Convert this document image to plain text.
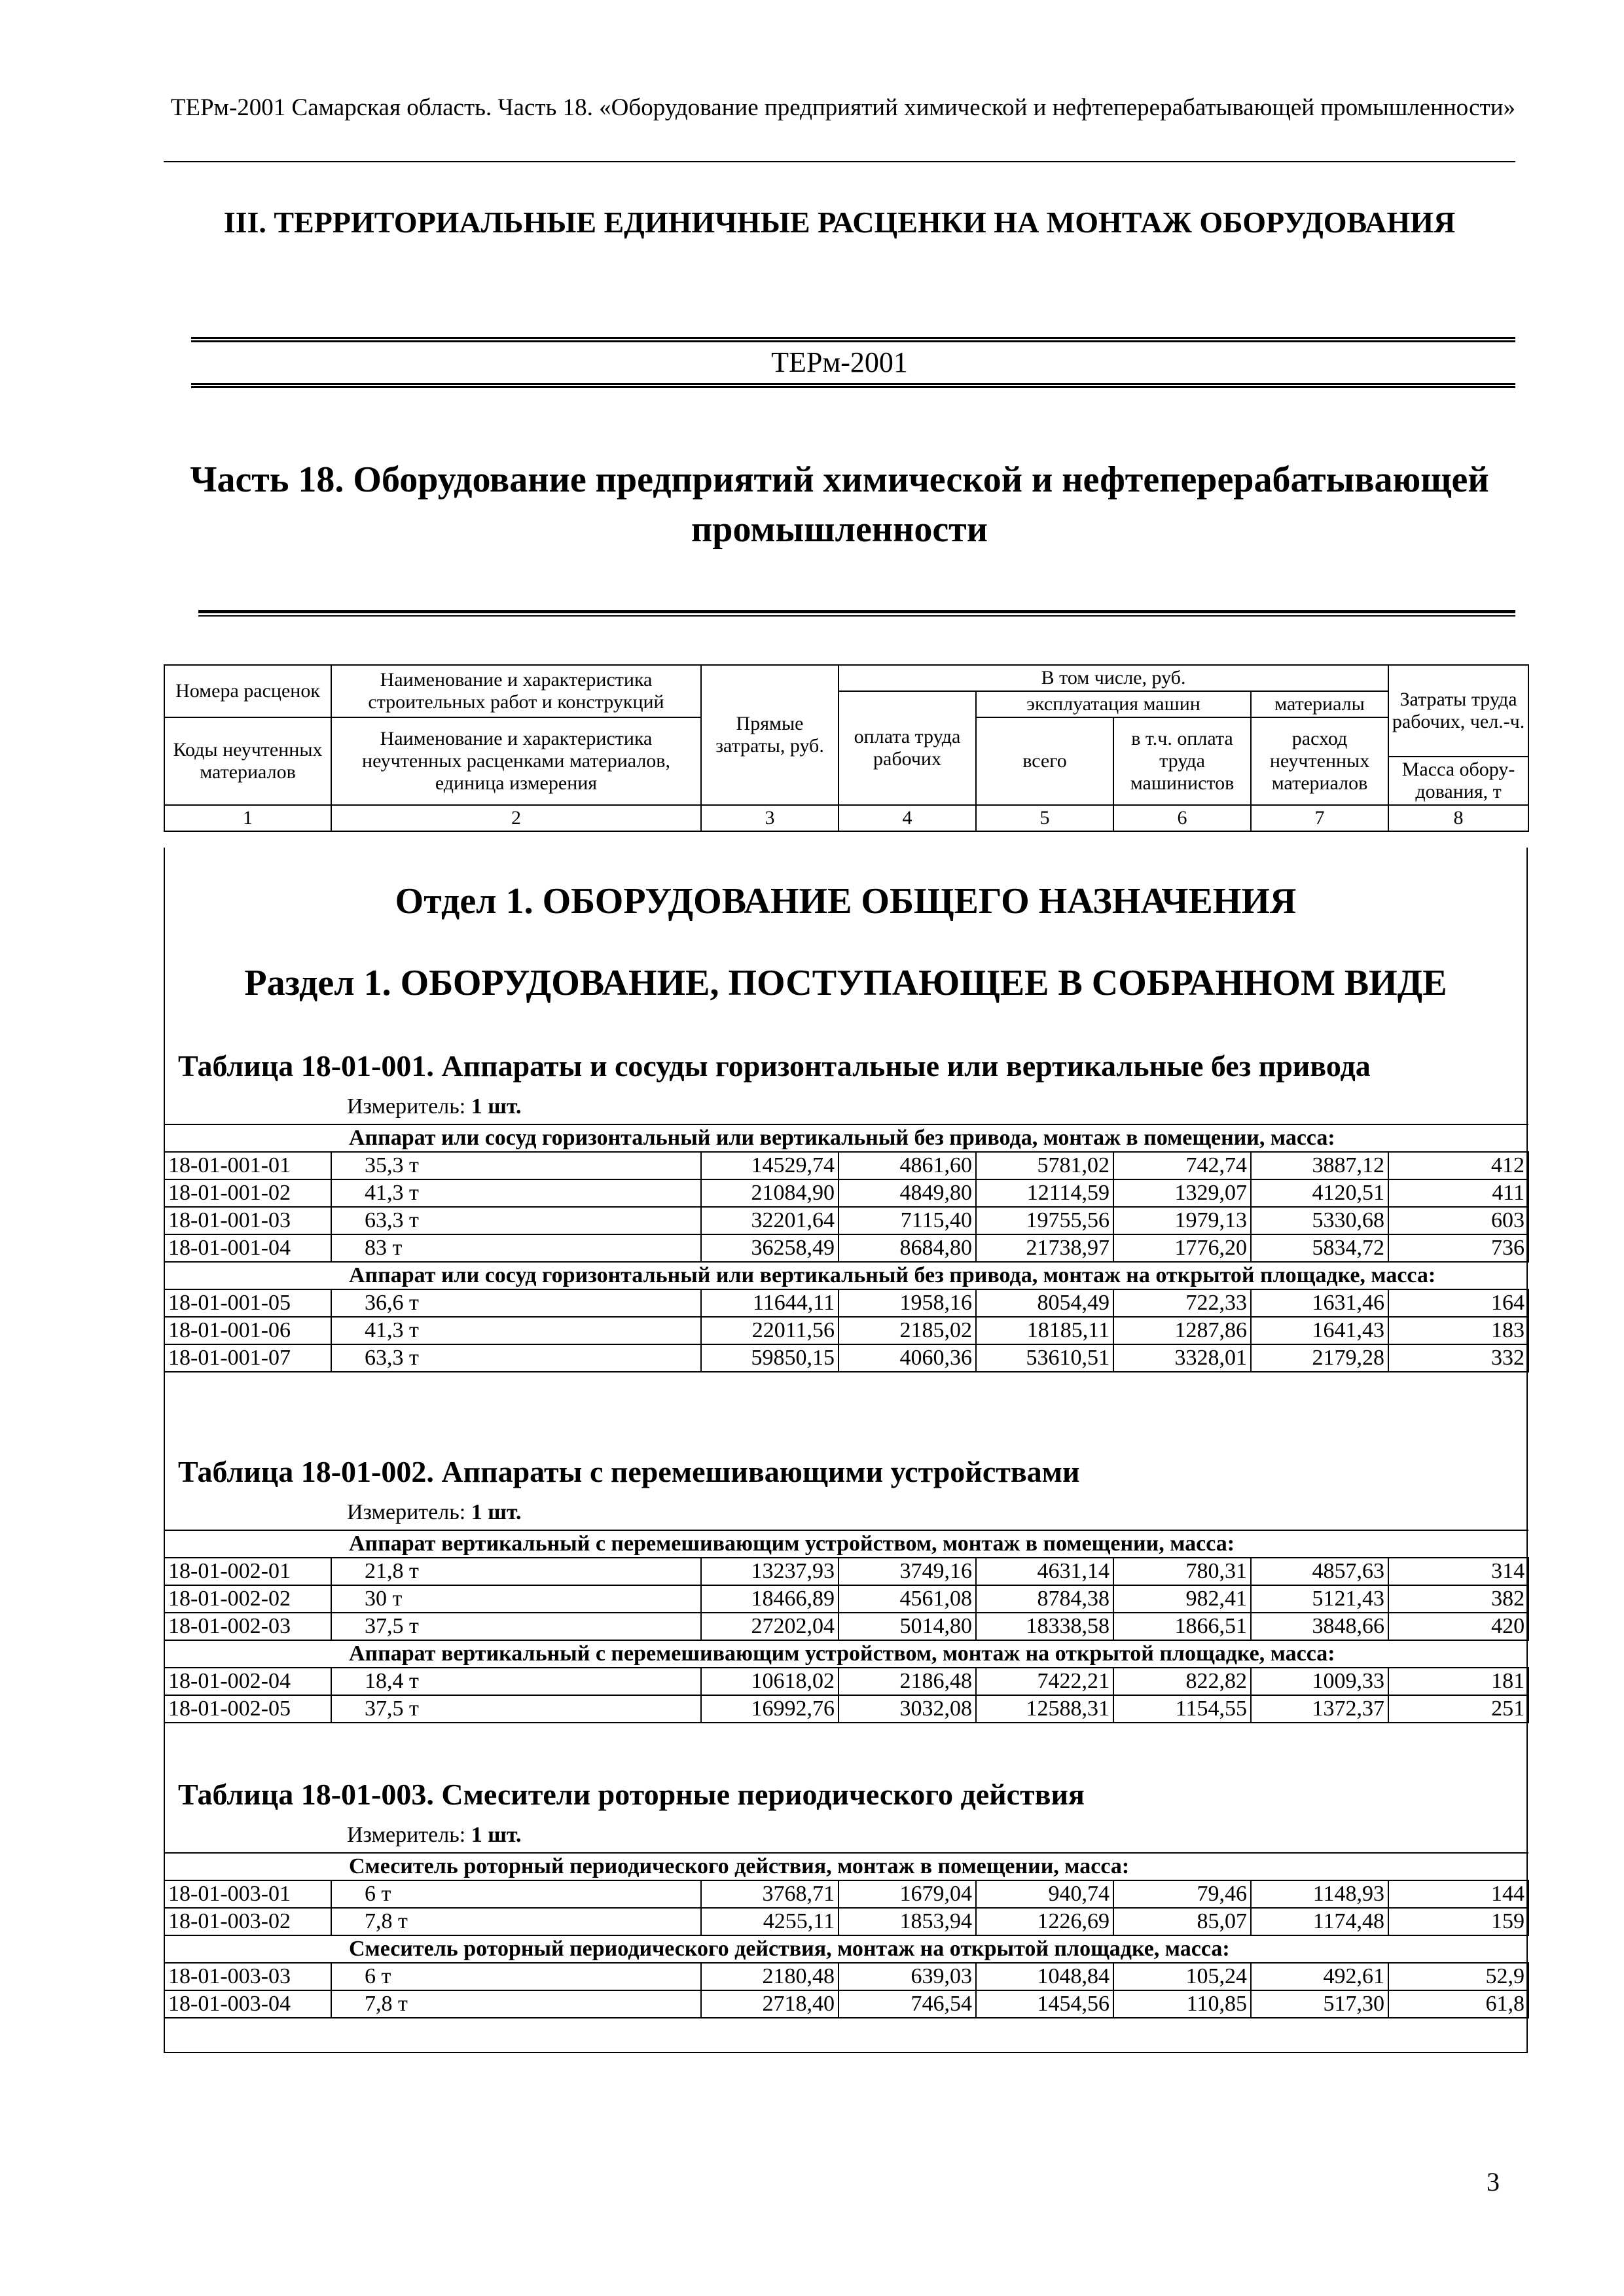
ТЕРм-2001 Самарская область. Часть 18. «Оборудование предприятий химической и нефтеперерабатывающей промышленности»
III. ТЕРРИТОРИАЛЬНЫЕ ЕДИНИЧНЫЕ РАСЦЕНКИ НА МОНТАЖ ОБОРУДОВАНИЯ
ТЕРм-2001
Часть 18. Оборудование предприятий химической и нефтеперерабатывающей промышленности
Номера расценок	Наименование и характеристика строительных работ и конструкций	Прямые затраты, руб.	В том числе, руб.				Затраты труда рабочих, чел.-ч.
			оплата труда рабочих	эксплуатация машин		материалы	
Коды неучтенных материалов	Наименование и характеристика неучтенных расценками материалов, единица измерения			всего	в т.ч. оплата труда машинистов	расход неучтенных материалов	
							Масса обору- дования, т
1	2	3	4	5	6	7	8
Отдел 1. ОБОРУДОВАНИЕ ОБЩЕГО НАЗНАЧЕНИЯ
Раздел 1. ОБОРУДОВАНИЕ, ПОСТУПАЮЩЕЕ В СОБРАННОМ ВИДЕ
Таблица 18-01-001. Аппараты и сосуды горизонтальные или вертикальные без привода
Измеритель: 1 шт.
Аппарат или сосуд горизонтальный или вертикальный без привода, монтаж в помещении, масса:							
18-01-001-01	35,3 т	14529,74	4861,60	5781,02	742,74	3887,12	412
18-01-001-02	41,3 т	21084,90	4849,80	12114,59	1329,07	4120,51	411
18-01-001-03	63,3 т	32201,64	7115,40	19755,56	1979,13	5330,68	603
18-01-001-04	83 т	36258,49	8684,80	21738,97	1776,20	5834,72	736
Аппарат или сосуд горизонтальный или вертикальный без привода, монтаж на открытой площадке, масса:							
18-01-001-05	36,6 т	11644,11	1958,16	8054,49	722,33	1631,46	164
18-01-001-06	41,3 т	22011,56	2185,02	18185,11	1287,86	1641,43	183
18-01-001-07	63,3 т	59850,15	4060,36	53610,51	3328,01	2179,28	332
Таблица 18-01-002. Аппараты с перемешивающими устройствами
Измеритель: 1 шт.
Аппарат вертикальный с перемешивающим устройством, монтаж в помещении, масса:							
18-01-002-01	21,8 т	13237,93	3749,16	4631,14	780,31	4857,63	314
18-01-002-02	30 т	18466,89	4561,08	8784,38	982,41	5121,43	382
18-01-002-03	37,5 т	27202,04	5014,80	18338,58	1866,51	3848,66	420
Аппарат вертикальный с перемешивающим устройством, монтаж на открытой площадке, масса:							
18-01-002-04	18,4 т	10618,02	2186,48	7422,21	822,82	1009,33	181
18-01-002-05	37,5 т	16992,76	3032,08	12588,31	1154,55	1372,37	251
Таблица 18-01-003. Смесители роторные периодического действия
Измеритель: 1 шт.
Смеситель роторный периодического действия, монтаж в помещении, масса:							
18-01-003-01	6 т	3768,71	1679,04	940,74	79,46	1148,93	144
18-01-003-02	7,8 т	4255,11	1853,94	1226,69	85,07	1174,48	159
Смеситель роторный периодического действия, монтаж на открытой площадке, масса:							
18-01-003-03	6 т	2180,48	639,03	1048,84	105,24	492,61	52,9
18-01-003-04	7,8 т	2718,40	746,54	1454,56	110,85	517,30	61,8
3
